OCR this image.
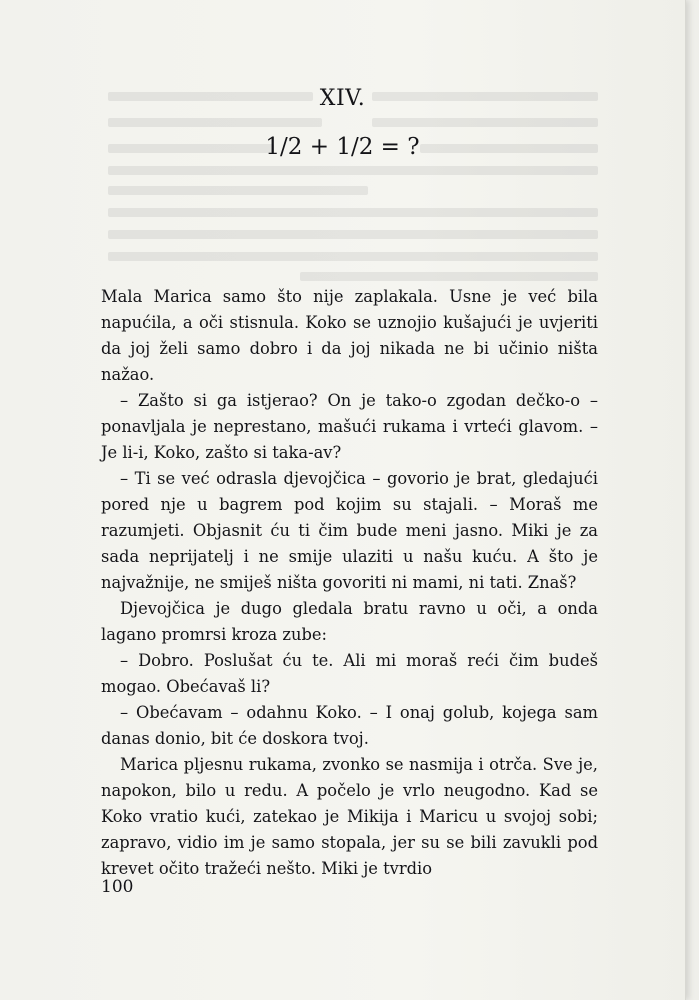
XIV.
1/2 + 1/2 = ?

Mala Marica samo što nije zaplakala. Usne je već bila napućila, a oči stisnula. Koko se uznojio kušajući je uvjeriti da joj želi samo dobro i da joj nikada ne bi učinio ništa nažao.

– Zašto si ga istjerao? On je tako-o zgodan dečko-o – ponavljala je neprestano, mašući rukama i vrteći glavom. – Je li-i, Koko, zašto si taka-av?

– Ti se već odrasla djevojčica – govorio je brat, gledajući pored nje u bagrem pod kojim su stajali. – Moraš me razumjeti. Objasnit ću ti čim bude meni jasno. Miki je za sada neprijatelj i ne smije ulaziti u našu kuću. A što je najvažnije, ne smiješ ništa govoriti ni mami, ni tati. Znaš?

Djevojčica je dugo gledala bratu ravno u oči, a onda lagano promrsi kroza zube:

– Dobro. Poslušat ću te. Ali mi moraš reći čim budeš mogao. Obećavaš li?

– Obećavam – odahnu Koko. – I onaj golub, kojega sam danas donio, bit će doskora tvoj.

Marica pljesnu rukama, zvonko se nasmija i otrča. Sve je, napokon, bilo u redu. A počelo je vrlo neugodno. Kad se Koko vratio kući, zatekao je Mikija i Maricu u svojoj sobi; zapravo, vidio im je samo stopala, jer su se bili zavukli pod krevet očito tražeći nešto. Miki je tvrdio

100
